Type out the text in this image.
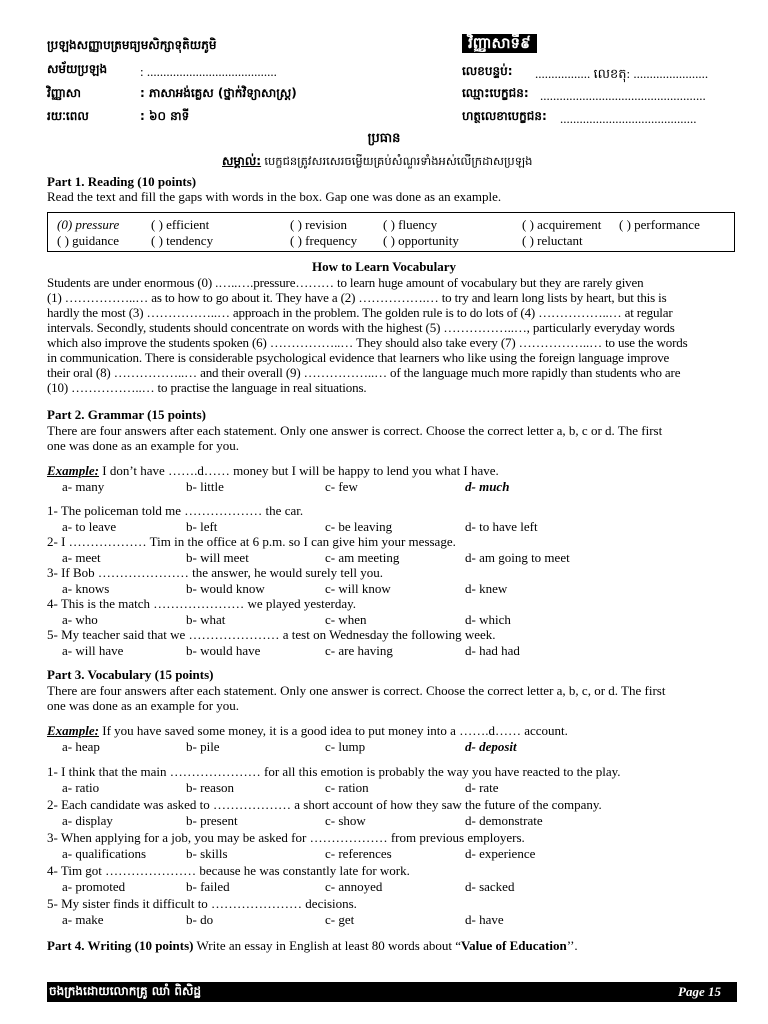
ប្រឡងសញ្ញាបត្រមធ្យមសិក្សាទុតិយភូមិ
សម័យប្រឡង	: ........................................
វិញ្ញាសា	: ភាសាអង់គ្លេស (ថ្នាក់វិទ្យាសាស្ត្រ)
រយៈពេល	: ៦០ នាទី
វិញ្ញាសាទី៩
លេខបន្ទប់: ................. លេខតុ: .......................
ឈ្មោះបេក្ខជន: ...................................................
ហត្ថលេខាបេក្ខជន: ..........................................
ប្រធាន
សម្គាល់: បេក្ខជនត្រូវសរសេរចម្លើយគ្រប់សំណួរទាំងអស់លើក្រដាសប្រឡង
Part 1. Reading (10 points)
Read the text and fill the gaps with words in the box. Gap one was done as an example.
(0) pressure ( ) efficient	( ) revision	( ) fluency	( ) acquirement ( ) performance
( ) guidance ( ) tendency	( ) frequency ( ) opportunity	( ) reluctant
How to Learn Vocabulary
Students are under enormous (0) .…..….pressure……… to learn huge amount of vocabulary but they are rarely given
(1) ……………..… as to how to go about it. They have a (2) …………….… to try and learn long lists by heart, but this is
hardly the most (3) ……………..… approach in the problem. The golden rule is to do lots of (4) ……………..… at regular
intervals. Secondly, students should concentrate on words with the highest (5) ……………..…, particularly everyday words
which also improve the students spoken (6) ……………..… They should also take every (7) ……………..… to use the words
in communication. There is considerable psychological evidence that learners who like using the foreign language improve
their oral (8) ……………..… and their overall (9) ……………..… of the language much more rapidly than students who are
(10) ……………..… to practise the language in real situations.
Part 2. Grammar (15 points)
There are four answers after each statement. Only one answer is correct. Choose the correct letter a, b, c or d. The first
one was done as an example for you.
Example: I don’t have …….d…… money but I will be happy to lend you what I have.
a- many	b- little	c- few	d- much
1- The policeman told me ……………… the car.
a- to leave	b- left	c- be leaving	d- to have left
2- I ……………… Tim in the office at 6 p.m. so I can give him your message.
a- meet	b- will meet	c- am meeting	d- am going to meet
3- If Bob ………………… the answer, he would surely tell you.
a- knows	b- would know	c- will know	d- knew
4- This is the match ………………… we played yesterday.
a- who	b- what	c- when	d- which
5- My teacher said that we ………………… a test on Wednesday the following week.
a- will have	b- would have	c- are having	d- had had
Part 3. Vocabulary (15 points)
There are four answers after each statement. Only one answer is correct. Choose the correct letter a, b, c, or d. The first
one was done as an example for you.
Example: If you have saved some money, it is a good idea to put money into a …….d…… account.
a- heap	b- pile	c- lump	d- deposit
1- I think that the main ………………… for all this emotion is probably the way you have reacted to the play.
a- ratio	b- reason	c- ration	d- rate
2- Each candidate was asked to ……………… a short account of how they saw the future of the company.
a- display	b- present	c- show	d- demonstrate
3- When applying for a job, you may be asked for ……………… from previous employers.
a- qualifications	b- skills	c- references	d- experience
4- Tim got ………………… because he was constantly late for work.
a- promoted	b- failed	c- annoyed	d- sacked
5- My sister finds it difficult to ………………… decisions.
a- make	b- do	c- get	d- have
Part 4. Writing (10 points) Write an essay in English at least 80 words about “Value of Education’’.
ចងក្រងដោយលោកគ្រូ ឈាំ ពិសិដ្ឋ	Page 15
